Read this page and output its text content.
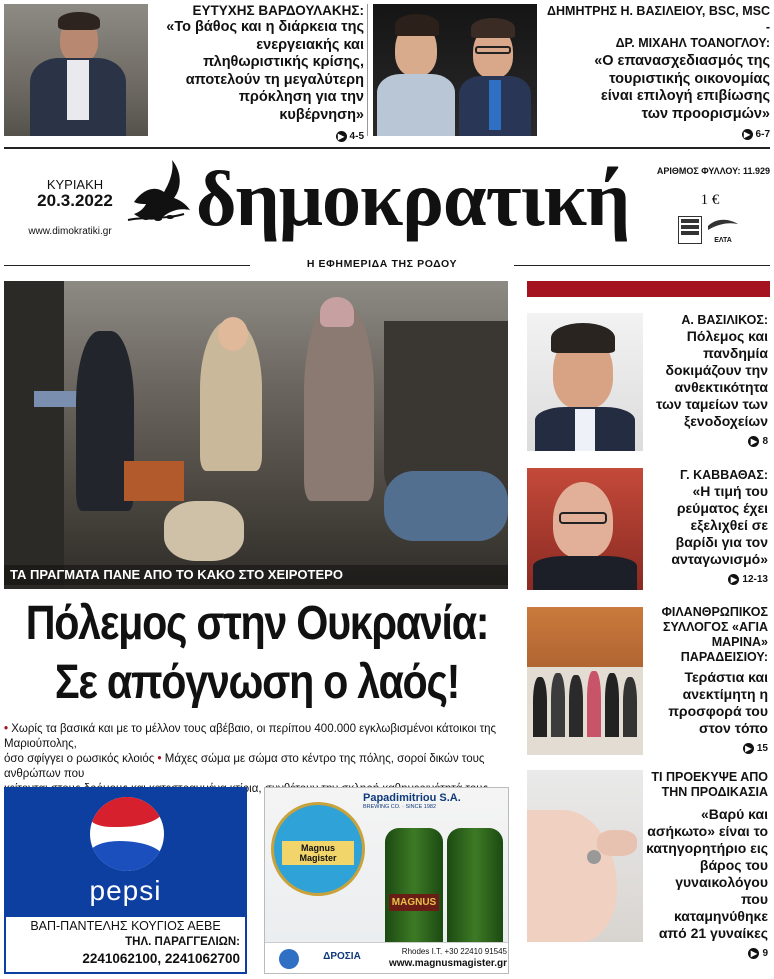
ΕΥΤΥΧΗΣ ΒΑΡΔΟΥΛΑΚΗΣ:
«Το βάθος και η διάρκεια της ενεργειακής και πληθωριστικής κρίσης, αποτελούν τη μεγαλύτερη πρόκληση για την κυβέρνηση»
▶ 4-5
ΔΗΜΗΤΡΗΣ Η. ΒΑΣΙΛΕΙΟΥ, BSC, MSC -
ΔΡ. ΜΙΧΑΗΛ ΤΟΑΝΟΓΛΟΥ:
«Ο επανασχεδιασμός της τουριστικής οικονομίας είναι επιλογή επιβίωσης των προορισμών»
▶ 6-7
ΚΥΡΙΑΚΗ
20.3.2022
www.dimokratiki.gr δημοκρατική	ΑΡΙΘΜΟΣ ΦΥΛΛΟΥ: 11.929
1 €
ΕΛΤΑ
Η ΕΦΗΜΕΡΙΔΑ ΤΗΣ ΡΟΔΟΥ
ΤΑ ΠΡΑΓΜΑΤΑ ΠΑΝΕ ΑΠΟ ΤΟ ΚΑΚΟ ΣΤΟ ΧΕΙΡΟΤΕΡΟ
Πόλεμος στην Ουκρανία:
Σε απόγνωση ο λαός!
• Χωρίς τα βασικά και με το μέλλον τους αβέβαιο, οι περίπου 400.000 εγκλωβισμένοι κάτοικοι της Μαριούπολης,
όσο σφίγγει ο ρωσικός κλοιός • Μάχες σώμα με σώμα στο κέντρο της πόλης, σοροί δικών τους ανθρώπων που
Α. ΒΑΣΙΛΙΚΟΣ:
Πόλεμος και πανδημία δοκιμάζουν την ανθεκτικότητα των ταμείων των ξενοδοχείων
▶ 8
Γ. ΚΑΒΒΑΘΑΣ:
«Η τιμή του ρεύματος έχει εξελιχθεί σε βαρίδι για τον ανταγωνισμό»
▶ 12-13
ΦΙΛΑΝΘΡΩΠΙΚΟΣ ΣΥΛΛΟΓΟΣ «ΑΓΙΑ ΜΑΡΙΝΑ» ΠΑΡΑΔΕΙΣΙΟΥ:
Τεράστια και ανεκτίμητη η προσφορά του στον τόπο
▶ 15
ΤΙ ΠΡΟΕΚΥΨΕ ΑΠΟ ΤΗΝ ΠΡΟΔΙΚΑΣΙΑ
«Βαρύ και ασήκωτο» είναι το κατηγορητήριο εις βάρος του γυναικολόγου που καταμηνύθηκε από 21 γυναίκες
▶ 9
pepsi
ΒΑΠ-ΠΑΝΤΕΛΗΣ ΚΟΥΓΙΟΣ ΑΕΒΕ
ΤΗΛ. ΠΑΡΑΓΓΕΛΙΩΝ:
2241062100, 2241062700
Papadimitriou S.A.
BREWING CO. · SINCE 1982
Magnus Magister
MAGNUS
ΔΡΟΣΙΑ	Rhodes I.T. +30 22410 91545
www.magnusmagister.gr
